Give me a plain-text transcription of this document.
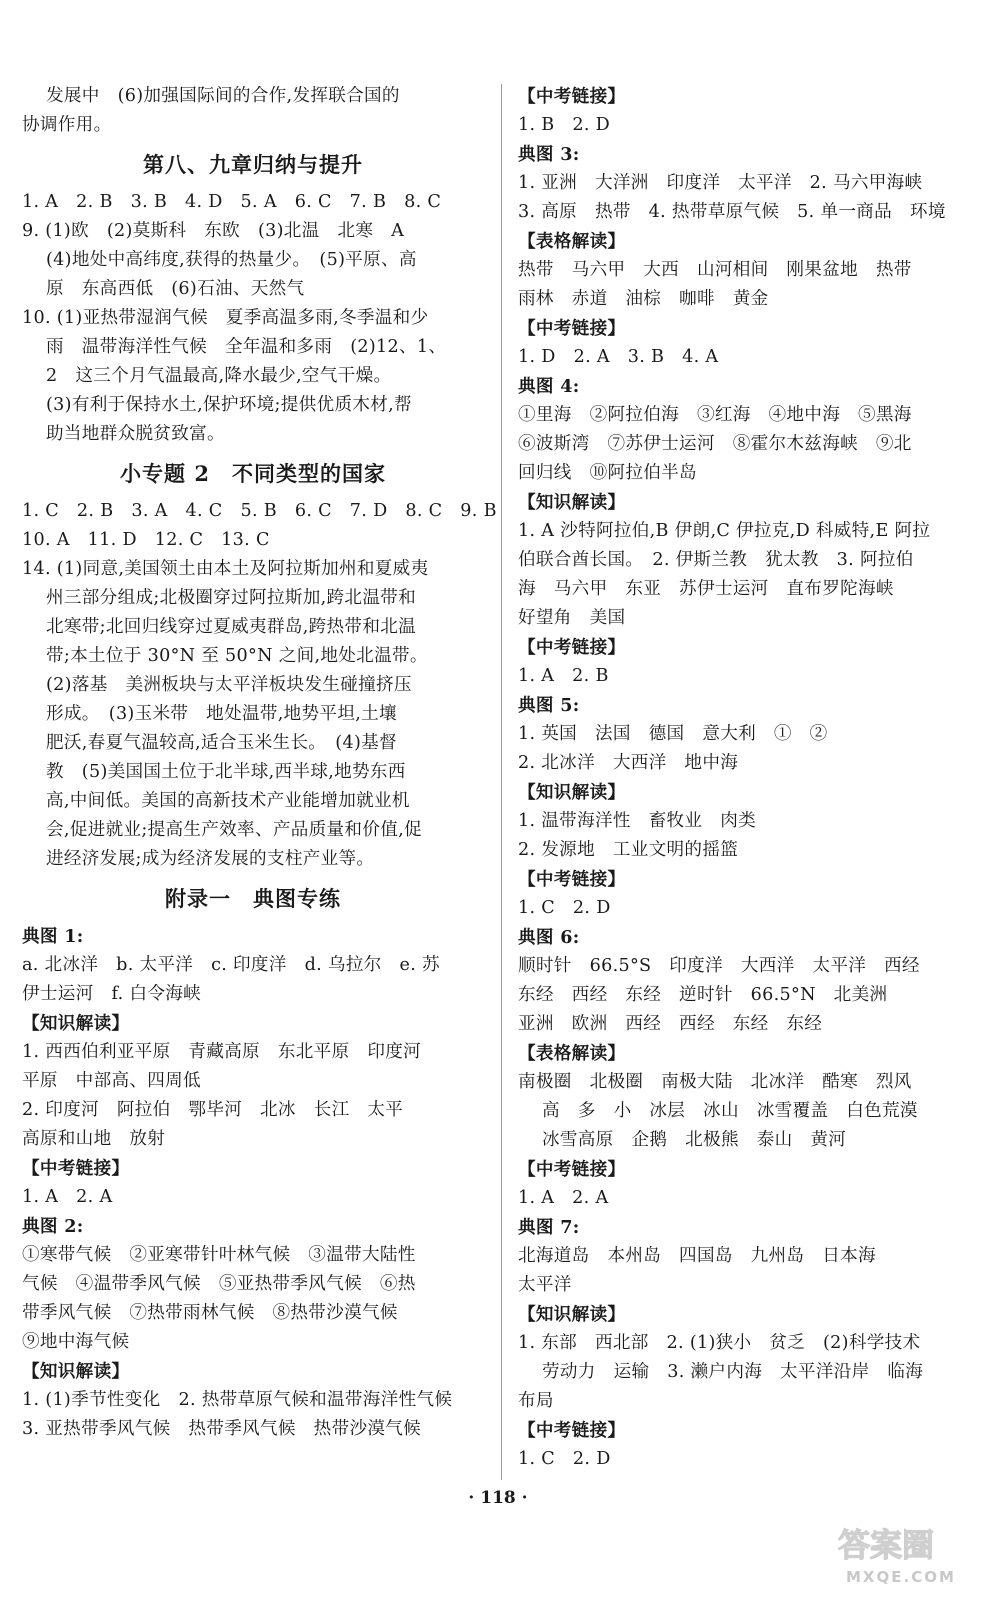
发展中　(6)加强国际间的合作,发挥联合国的
协调作用。
第八、九章归纳与提升
1. A　2. B　3. B　4. D　5. A　6. C　7. B　8. C
9. (1)欧　(2)莫斯科　东欧　(3)北温　北寒　A
(4)地处中高纬度,获得的热量少。　(5)平原、高
原　东高西低　(6)石油、天然气
10. (1)亚热带湿润气候　夏季高温多雨,冬季温和少
雨　温带海洋性气候　全年温和多雨　(2)12、1、
2　这三个月气温最高,降水最少,空气干燥。
(3)有利于保持水土,保护环境;提供优质木材,帮
助当地群众脱贫致富。
小专题 2　不同类型的国家
1. C　2. B　3. A　4. C　5. B　6. C　7. D　8. C　9. B
10. A　11. D　12. C　13. C
14. (1)同意,美国领土由本土及阿拉斯加州和夏威夷
州三部分组成;北极圈穿过阿拉斯加,跨北温带和
北寒带;北回归线穿过夏威夷群岛,跨热带和北温
带;本土位于 30°N 至 50°N 之间,地处北温带。
(2)落基　美洲板块与太平洋板块发生碰撞挤压
形成。　(3)玉米带　地处温带,地势平坦,土壤
肥沃,春夏气温较高,适合玉米生长。　(4)基督
教　(5)美国国土位于北半球,西半球,地势东西
高,中间低。美国的高新技术产业能增加就业机
会,促进就业;提高生产效率、产品质量和价值,促
进经济发展;成为经济发展的支柱产业等。
附录一　典图专练
典图 1:
a. 北冰洋　b. 太平洋　c. 印度洋　d. 乌拉尔　e. 苏
伊士运河　f. 白令海峡
【知识解读】
1. 西西伯利亚平原　青藏高原　东北平原　印度河
平原　中部高、四周低
2. 印度河　阿拉伯　鄂毕河　北冰　长江　太平
高原和山地　放射
【中考链接】
1. A　2. A
典图 2:
①寒带气候　②亚寒带针叶林气候　③温带大陆性
气候　④温带季风气候　⑤亚热带季风气候　⑥热
带季风气候　⑦热带雨林气候　⑧热带沙漠气候
⑨地中海气候
【知识解读】
1. (1)季节性变化　2. 热带草原气候和温带海洋性气候
3. 亚热带季风气候　热带季风气候　热带沙漠气候
【中考链接】
1. B　2. D
典图 3:
1. 亚洲　大洋洲　印度洋　太平洋　2. 马六甲海峡
3. 高原　热带　4. 热带草原气候　5. 单一商品　环境
【表格解读】
热带　马六甲　大西　山河相间　刚果盆地　热带
雨林　赤道　油棕　咖啡　黄金
【中考链接】
1. D　2. A　3. B　4. A
典图 4:
①里海　②阿拉伯海　③红海　④地中海　⑤黑海
⑥波斯湾　⑦苏伊士运河　⑧霍尔木兹海峡　⑨北
回归线　⑩阿拉伯半岛
【知识解读】
1. A 沙特阿拉伯,B 伊朗,C 伊拉克,D 科威特,E 阿拉
伯联合酋长国。　2. 伊斯兰教　犹太教　3. 阿拉伯
海　马六甲　东亚　苏伊士运河　直布罗陀海峡
好望角　美国
【中考链接】
1. A　2. B
典图 5:
1. 英国　法国　德国　意大利　①　②
2. 北冰洋　大西洋　地中海
【知识解读】
1. 温带海洋性　畜牧业　肉类
2. 发源地　工业文明的摇篮
【中考链接】
1. C　2. D
典图 6:
顺时针　66.5°S　印度洋　大西洋　太平洋　西经
东经　西经　东经　逆时针　66.5°N　北美洲
亚洲　欧洲　西经　西经　东经　东经
【表格解读】
南极圈　北极圈　南极大陆　北冰洋　酷寒　烈风
高　多　小　冰层　冰山　冰雪覆盖　白色荒漠
冰雪高原　企鹅　北极熊　泰山　黄河
【中考链接】
1. A　2. A
典图 7:
北海道岛　本州岛　四国岛　九州岛　日本海
太平洋
【知识解读】
1. 东部　西北部　2. (1)狭小　贫乏　(2)科学技术
劳动力　运输　3. 濑户内海　太平洋沿岸　临海
布局
【中考链接】
1. C　2. D
· 118 ·
答案圈
MXQE.COM
